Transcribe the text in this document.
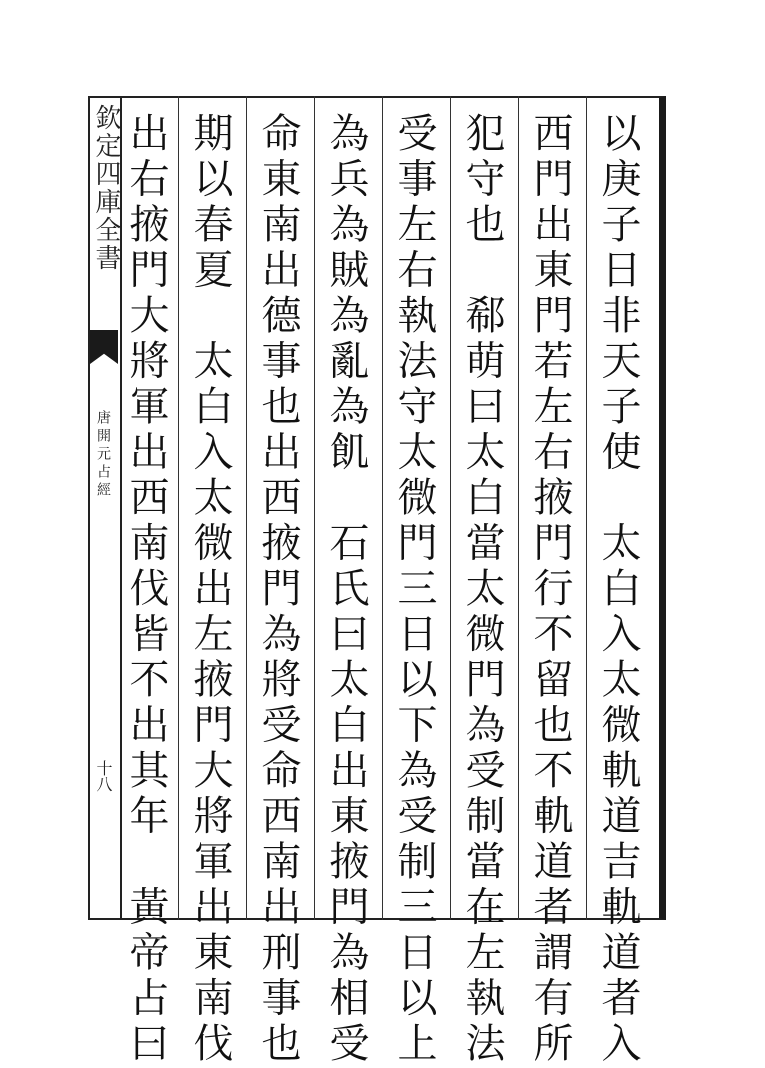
欽定四庫全書
唐開元占經
十八	以庚子日非天子使　太白入太微軌道吉軌道者入
西門出東門若左右掖門行不留也不軌道者謂有所
犯守也　郗萌曰太白當太微門為受制當在左執法
受事左右執法守太微門三日以下為受制三日以上
為兵為賊為亂為飢　石氏曰太白出東掖門為相受
命東南出德事也出西掖門為將受命西南出刑事也
期以春夏　太白入太微出左掖門大將軍出東南伐
出右掖門大將軍出西南伐皆不出其年　黃帝占曰
